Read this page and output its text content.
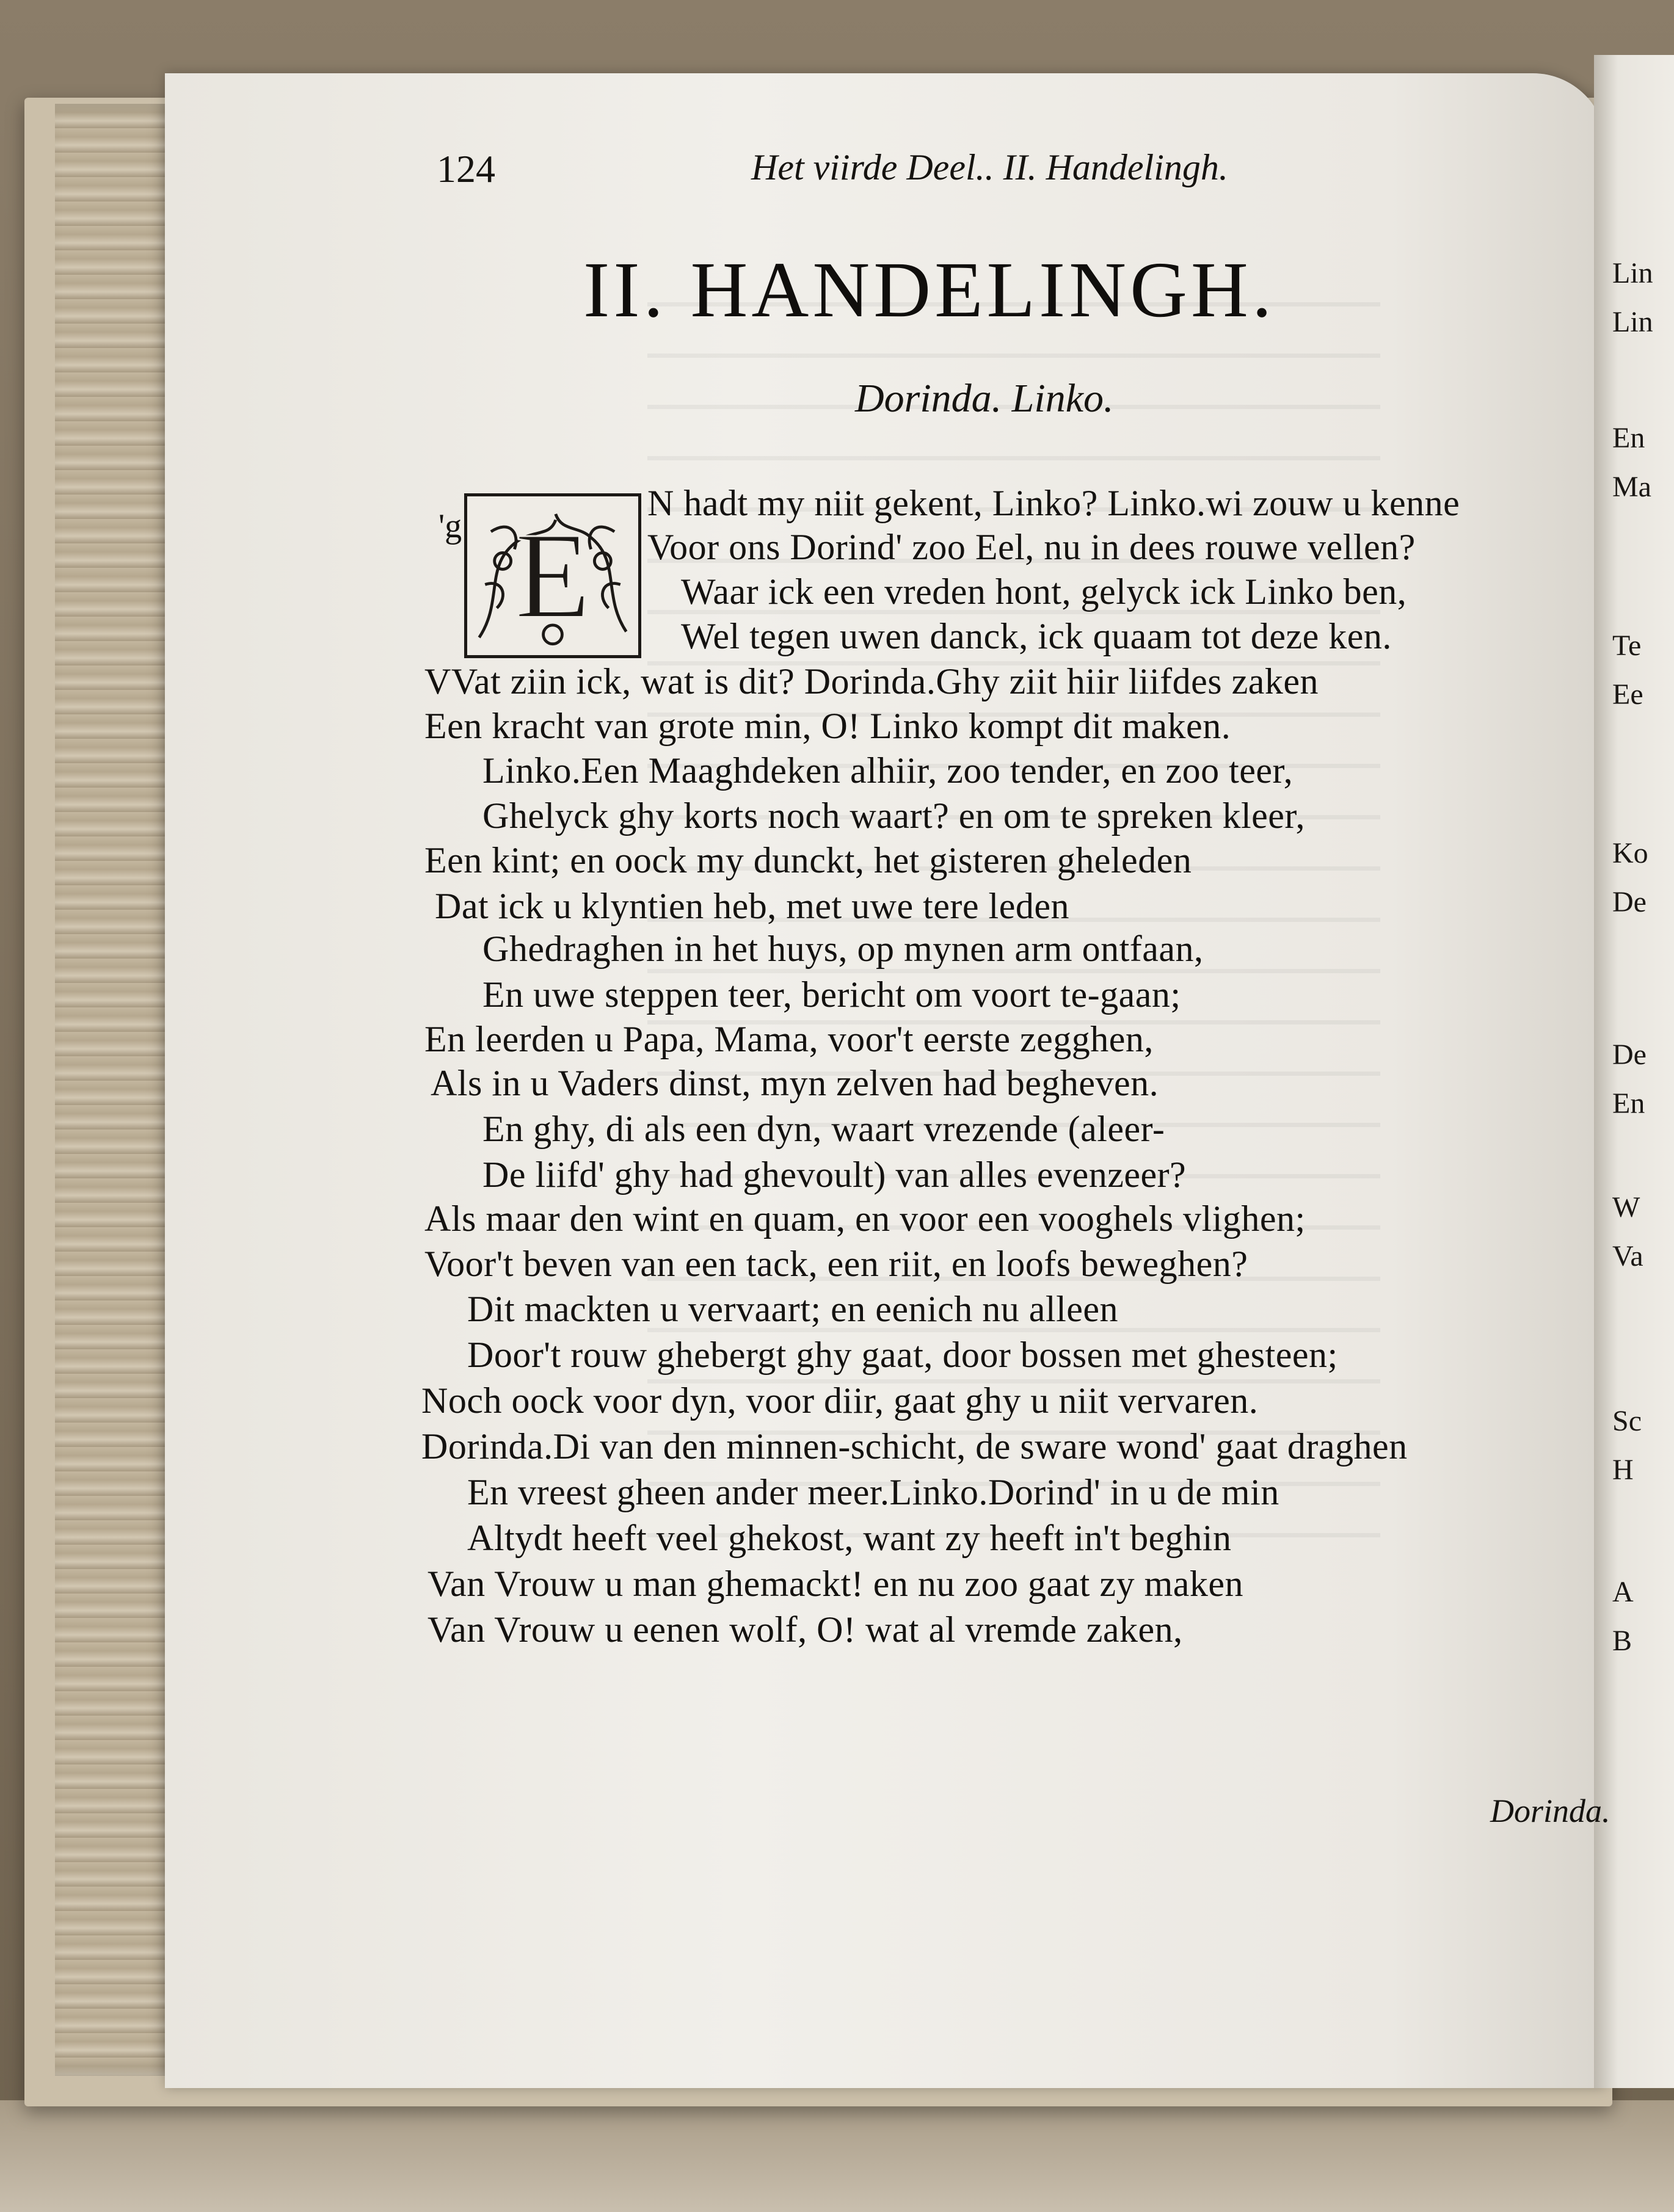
Lin
Lin
En
Ma
Te
Ee
Ko
De
De
En
W
Va
Sc
H
A
B
124	Het viirde Deel.. II. Handelingh.
II. HANDELINGH.
Dorinda. Linko.
'g E
N hadt my niit gekent, Linko? Linko.wi zouw u kenne
Voor ons Dorind' zoo Eel, nu in dees rouwe vellen?
Waar ick een vreden hont, gelyck ick Linko ben,
Wel tegen uwen danck, ick quaam tot deze ken.
VVat ziin ick, wat is dit? Dorinda.Ghy ziit hiir liifdes zaken
Een kracht van grote min, O! Linko kompt dit maken.
Linko.Een Maaghdeken alhiir, zoo tender, en zoo teer,
Ghelyck ghy korts noch waart? en om te spreken kleer,
Een kint; en oock my dunckt, het gisteren gheleden
Dat ick u klyntien heb, met uwe tere leden
Ghedraghen in het huys, op mynen arm ontfaan,
En uwe steppen teer, bericht om voort te-gaan;
En leerden u Papa, Mama, voor't eerste zegghen,
Als in u Vaders dinst, myn zelven had begheven.
En ghy, di als een dyn, waart vrezende (aleer-
De liifd' ghy had ghevoult) van alles evenzeer?
Als maar den wint en quam, en voor een vooghels vlighen;
Voor't beven van een tack, een riit, en loofs beweghen?
Dit mackten u vervaart; en eenich nu alleen
Door't rouw ghebergt ghy gaat, door bossen met ghesteen;
Noch oock voor dyn, voor diir, gaat ghy u niit vervaren.
Dorinda.Di van den minnen-schicht, de sware wond' gaat draghen
En vreest gheen ander meer.Linko.Dorind' in u de min
Altydt heeft veel ghekost, want zy heeft in't beghin
Van Vrouw u man ghemackt! en nu zoo gaat zy maken
Van Vrouw u eenen wolf, O! wat al vremde zaken,
Dorinda.
